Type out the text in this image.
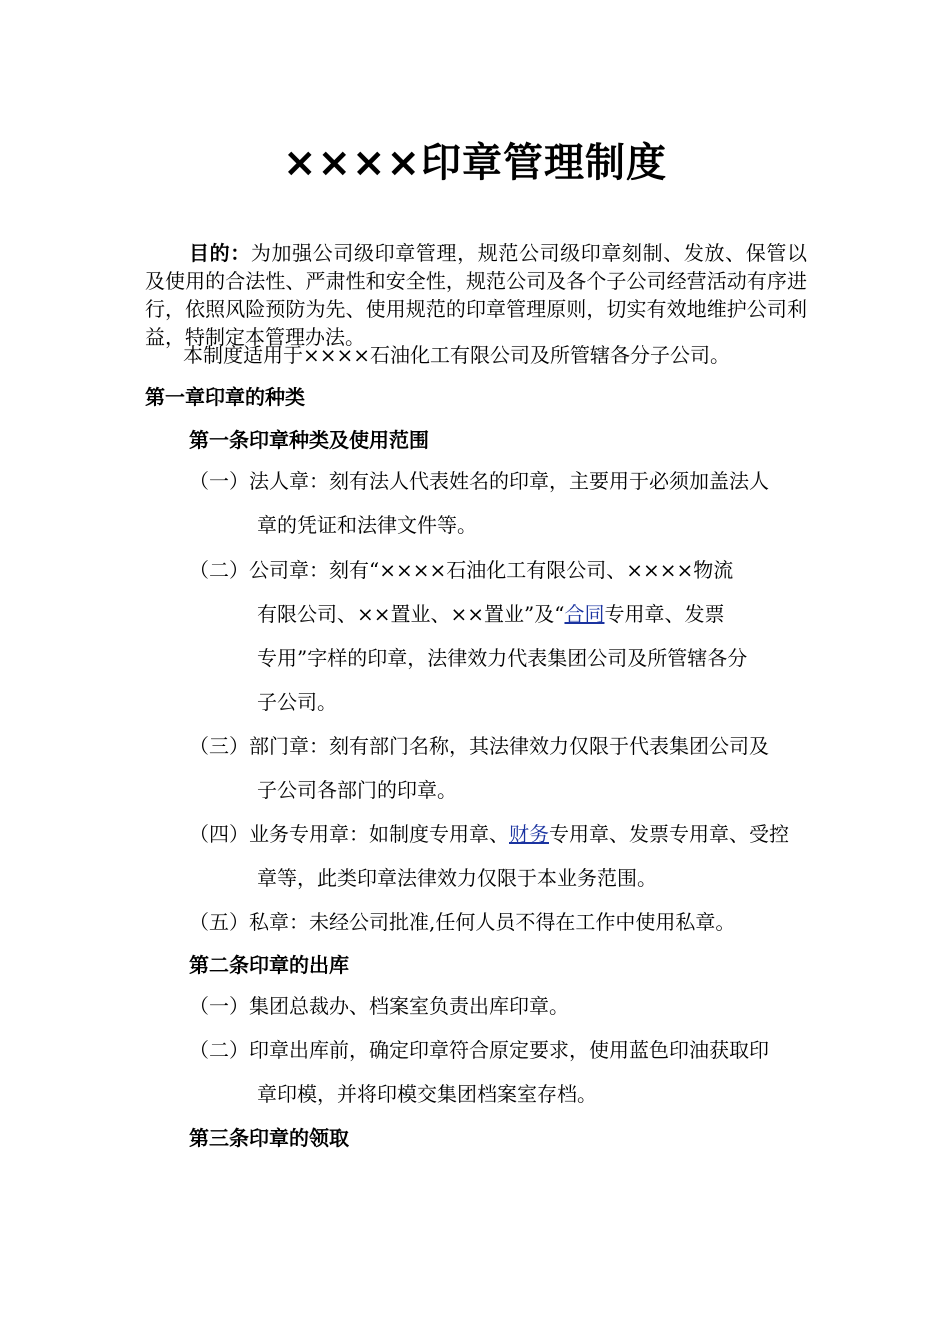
××××印章管理制度
目的：为加强公司级印章管理，规范公司级印章刻制、发放、保管以及使用的合法性、严肃性和安全性，规范公司及各个子公司经营活动有序进行，依照风险预防为先、使用规范的印章管理原则，切实有效地维护公司利益，特制定本管理办法。
本制度适用于××××石油化工有限公司及所管辖各分子公司。
第一章印章的种类
第一条印章种类及使用范围
（一）法人章：刻有法人代表姓名的印章，主要用于必须加盖法人
章的凭证和法律文件等。
（二）公司章：刻有“××××石油化工有限公司、××××物流
有限公司、××置业、××置业”及“合同专用章、发票
专用”字样的印章，法律效力代表集团公司及所管辖各分
子公司。
（三）部门章：刻有部门名称，其法律效力仅限于代表集团公司及
子公司各部门的印章。
（四）业务专用章：如制度专用章、财务专用章、发票专用章、受控
章等，此类印章法律效力仅限于本业务范围。
（五）私章：未经公司批准,任何人员不得在工作中使用私章。
第二条印章的出库
（一）集团总裁办、档案室负责出库印章。
（二）印章出库前，确定印章符合原定要求，使用蓝色印油获取印
章印模，并将印模交集团档案室存档。
第三条印章的领取
